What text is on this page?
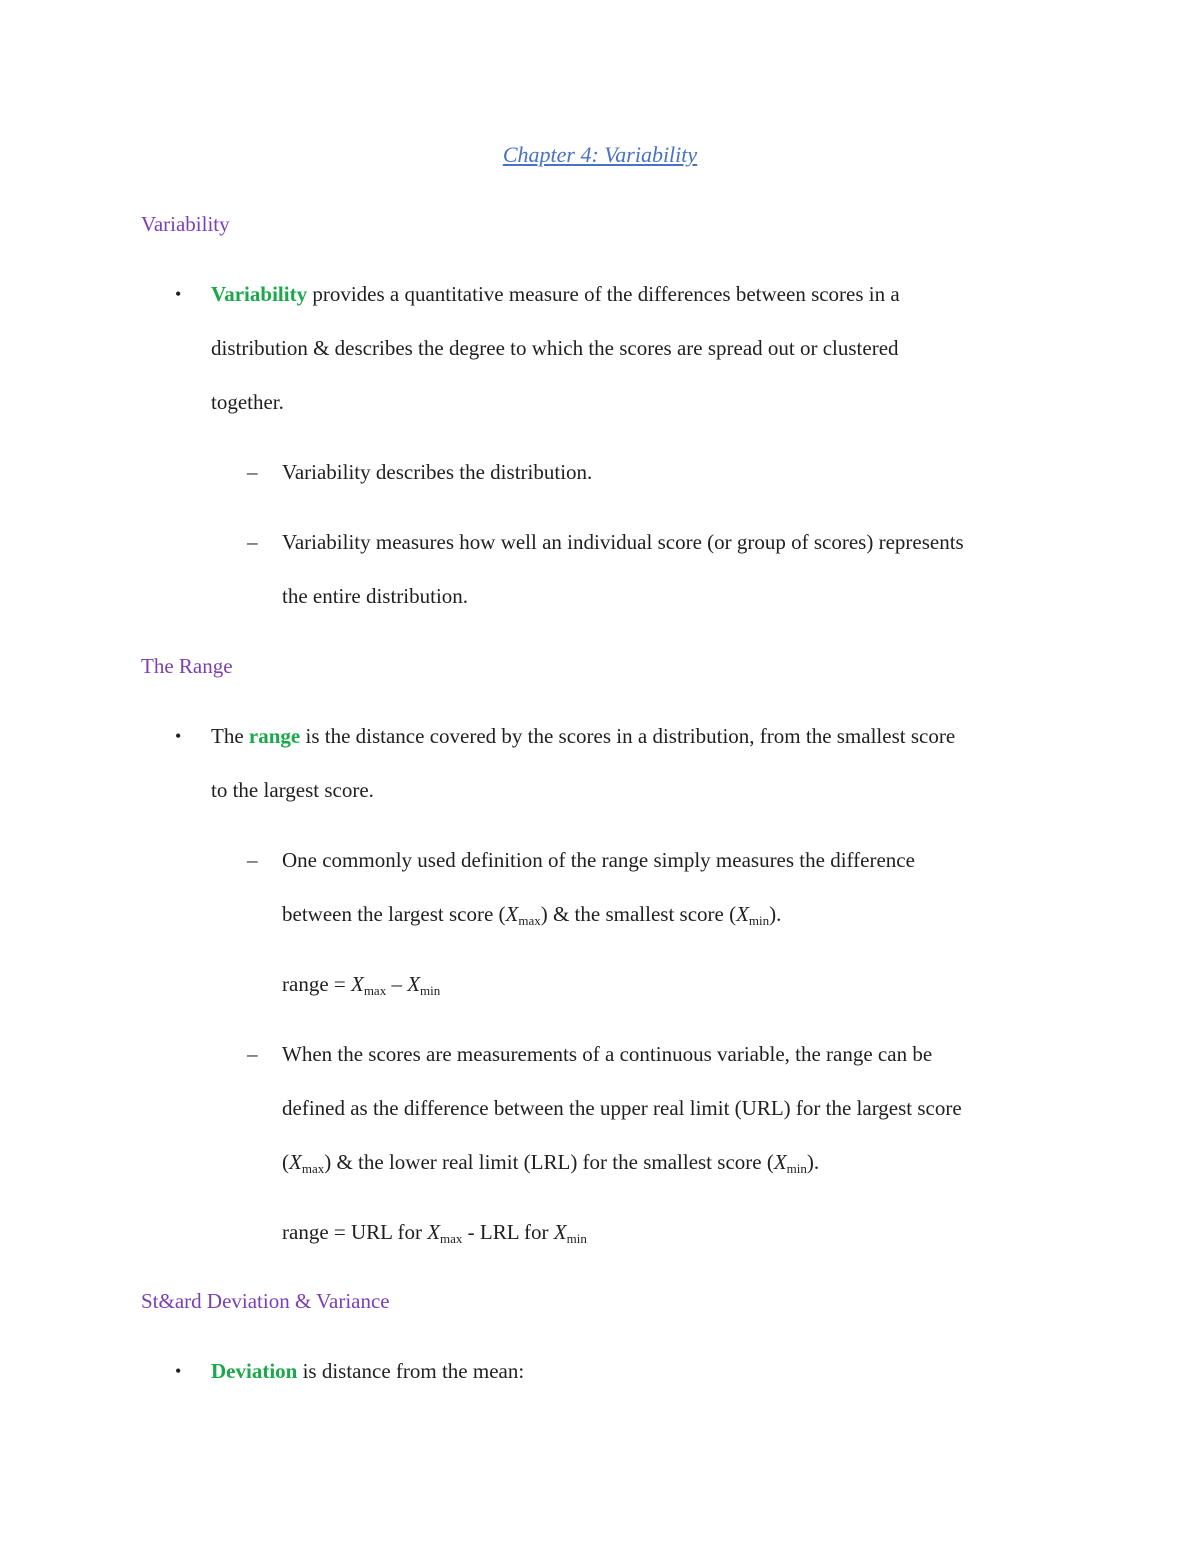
Chapter 4: Variability
Variability
• Variability provides a quantitative measure of the differences between scores in a
distribution & describes the degree to which the scores are spread out or clustered
together.
– Variability describes the distribution.
– Variability measures how well an individual score (or group of scores) represents
the entire distribution.
The Range
• The range is the distance covered by the scores in a distribution, from the smallest score
to the largest score.
– One commonly used definition of the range simply measures the difference
between the largest score $(X_{max})$ & the smallest score $(X_{min})$.
range = $X_{max} - X_{min}$
– When the scores are measurements of a continuous variable, the range can be
defined as the difference between the upper real limit (URL) for the largest score
$(X_{max})$ & the lower real limit (LRL) for the smallest score $(X_{min})$.
range = URL for $X_{max}$ - LRL for $X_{min}$
St&ard Deviation & Variance
• Deviation is distance from the mean:
